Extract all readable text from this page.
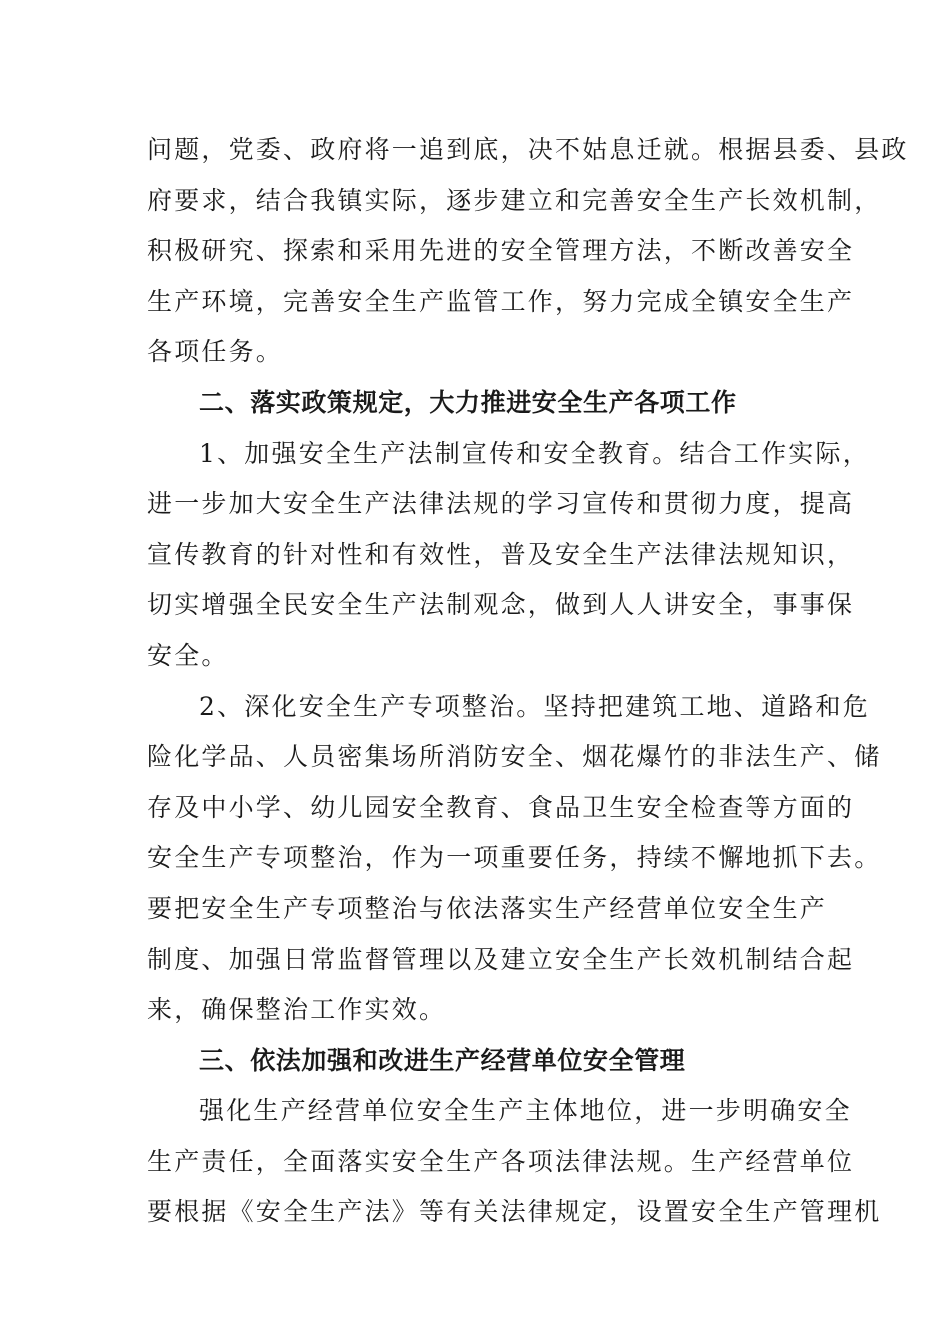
问题，党委、政府将一追到底，决不姑息迁就。根据县委、县政
府要求，结合我镇实际，逐步建立和完善安全生产长效机制，
积极研究、探索和采用先进的安全管理方法，不断改善安全
生产环境，完善安全生产监管工作，努力完成全镇安全生产
各项任务。
二、落实政策规定，大力推进安全生产各项工作
1、加强安全生产法制宣传和安全教育。结合工作实际，
进一步加大安全生产法律法规的学习宣传和贯彻力度，提高
宣传教育的针对性和有效性，普及安全生产法律法规知识，
切实增强全民安全生产法制观念，做到人人讲安全，事事保
安全。
2、深化安全生产专项整治。坚持把建筑工地、道路和危
险化学品、人员密集场所消防安全、烟花爆竹的非法生产、储
存及中小学、幼儿园安全教育、食品卫生安全检查等方面的
安全生产专项整治，作为一项重要任务，持续不懈地抓下去。
要把安全生产专项整治与依法落实生产经营单位安全生产
制度、加强日常监督管理以及建立安全生产长效机制结合起
来，确保整治工作实效。
三、依法加强和改进生产经营单位安全管理
强化生产经营单位安全生产主体地位，进一步明确安全
生产责任，全面落实安全生产各项法律法规。生产经营单位
要根据《安全生产法》等有关法律规定，设置安全生产管理机
